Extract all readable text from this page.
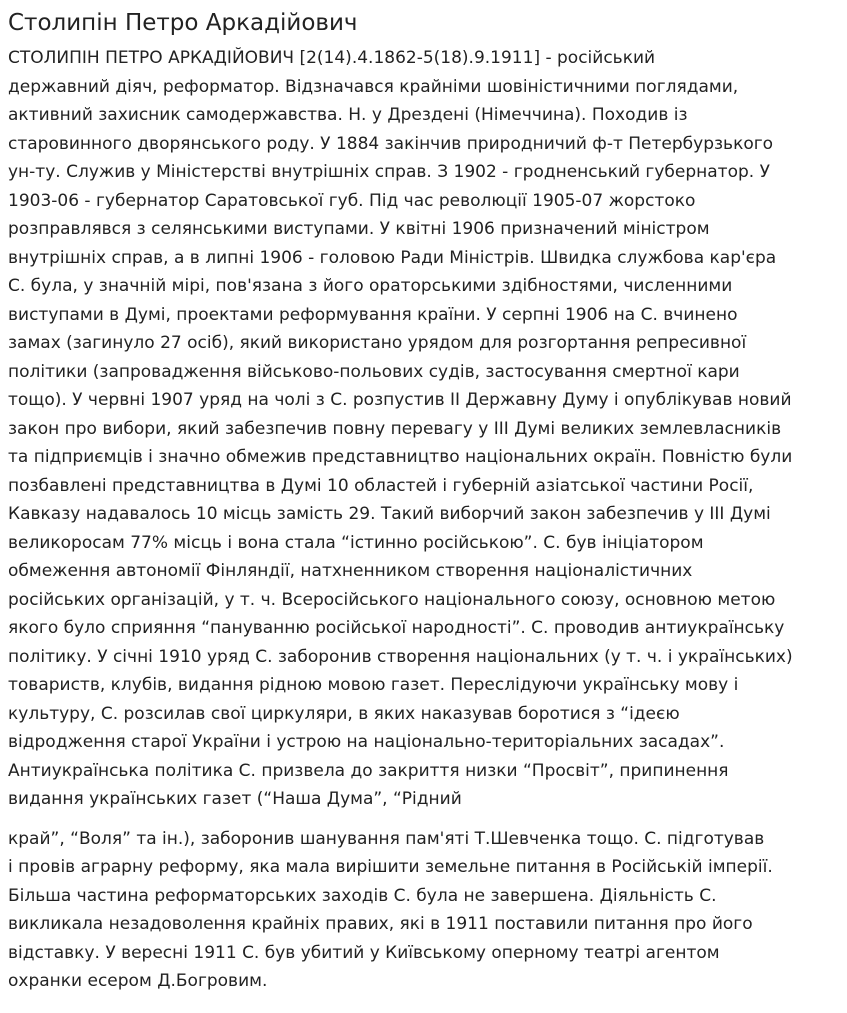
Столипін Петро Аркадійович

СТОЛИПІН ПЕТРО АРКАДІЙОВИЧ [2(14).4.1862-5(18).9.1911] - російський
державний діяч, реформатор. Відзначався крайніми шовіністичними поглядами,
активний захисник самодержавства. Н. у Дрездені (Німеччина). Походив із
старовинного дворянського роду. У 1884 закінчив природничий ф-т Петербурзького
ун-ту. Служив у Міністерстві внутрішніх справ. З 1902 - гродненський губернатор. У
1903-06 - губернатор Саратовської губ. Під час революції 1905-07 жорстоко
розправлявся з селянськими виступами. У квітні 1906 призначений міністром
внутрішніх справ, а в липні 1906 - головою Ради Міністрів. Швидка службова кар'єра
С. була, у значній мірі, пов'язана з його ораторськими здібностями, численними
виступами в Думі, проектами реформування країни. У серпні 1906 на С. вчинено
замах (загинуло 27 осіб), який використано урядом для розгортання репресивної
політики (запровадження військово-польових судів, застосування смертної кари
тощо). У червні 1907 уряд на чолі з С. розпустив II Державну Думу і опублікував новий
закон про вибори, який забезпечив повну перевагу у III Думі великих землевласників
та підприємців і значно обмежив представництво національних окраїн. Повністю були
позбавлені представництва в Думі 10 областей і губерній азіатської частини Росії,
Кавказу надавалось 10 місць замість 29. Такий виборчий закон забезпечив у III Думі
великоросам 77% місць і вона стала “істинно російською”. С. був ініціатором
обмеження автономії Фінляндії, натхненником створення націоналістичних
російських організацій, у т. ч. Всеросійського національного союзу, основною метою
якого було сприяння “пануванню російської народності”. С. проводив антиукраїнську
політику. У січні 1910 уряд С. заборонив створення національних (у т. ч. і українських)
товариств, клубів, видання рідною мовою газет. Переслідуючи українську мову і
культуру, С. розсилав свої циркуляри, в яких наказував боротися з “ідеєю
відродження старої України і устрою на національно-територіальних засадах”.
Антиукраїнська політика С. призвела до закриття низки “Просвіт”, припинення
видання українських газет (“Наша Дума”, “Рідний

край”, “Воля” та ін.), заборонив шанування пам'яті Т.Шевченка тощо. С. підготував
і провів аграрну реформу, яка мала вирішити земельне питання в Російській імперії.
Більша частина реформаторських заходів С. була не завершена. Діяльність С.
викликала незадоволення крайніх правих, які в 1911 поставили питання про його
відставку. У вересні 1911 С. був убитий у Київському оперному театрі агентом
охранки есером Д.Богровим.
